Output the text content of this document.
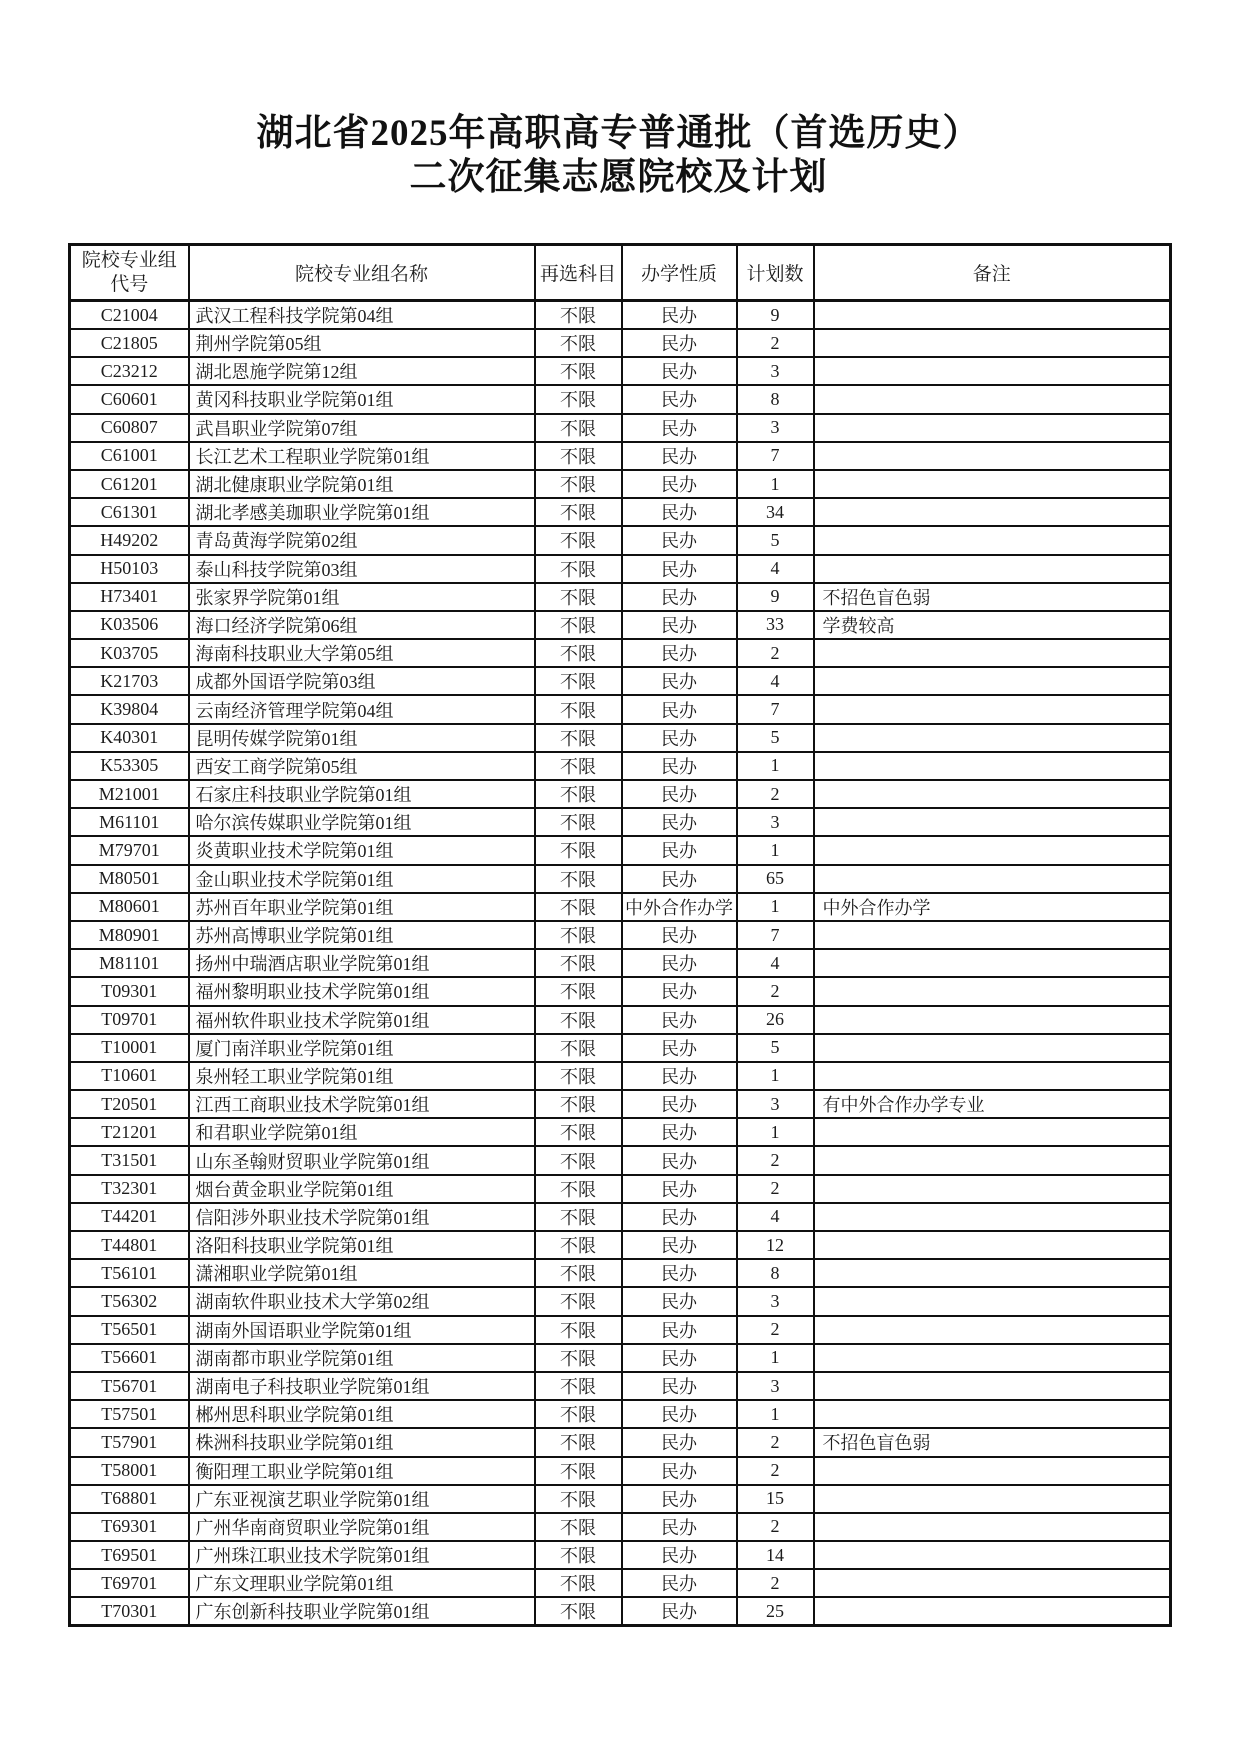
湖北省2025年高职高专普通批（首选历史）
二次征集志愿院校及计划
院校专业组
代号	院校专业组名称	再选科目	办学性质	计划数	备注
C21004	武汉工程科技学院第04组	不限	民办	9	
C21805	荆州学院第05组	不限	民办	2	
C23212	湖北恩施学院第12组	不限	民办	3	
C60601	黄冈科技职业学院第01组	不限	民办	8	
C60807	武昌职业学院第07组	不限	民办	3	
C61001	长江艺术工程职业学院第01组	不限	民办	7	
C61201	湖北健康职业学院第01组	不限	民办	1	
C61301	湖北孝感美珈职业学院第01组	不限	民办	34	
H49202	青岛黄海学院第02组	不限	民办	5	
H50103	泰山科技学院第03组	不限	民办	4	
H73401	张家界学院第01组	不限	民办	9	不招色盲色弱
K03506	海口经济学院第06组	不限	民办	33	学费较高
K03705	海南科技职业大学第05组	不限	民办	2	
K21703	成都外国语学院第03组	不限	民办	4	
K39804	云南经济管理学院第04组	不限	民办	7	
K40301	昆明传媒学院第01组	不限	民办	5	
K53305	西安工商学院第05组	不限	民办	1	
M21001	石家庄科技职业学院第01组	不限	民办	2	
M61101	哈尔滨传媒职业学院第01组	不限	民办	3	
M79701	炎黄职业技术学院第01组	不限	民办	1	
M80501	金山职业技术学院第01组	不限	民办	65	
M80601	苏州百年职业学院第01组	不限	中外合作办学	1	中外合作办学
M80901	苏州高博职业学院第01组	不限	民办	7	
M81101	扬州中瑞酒店职业学院第01组	不限	民办	4	
T09301	福州黎明职业技术学院第01组	不限	民办	2	
T09701	福州软件职业技术学院第01组	不限	民办	26	
T10001	厦门南洋职业学院第01组	不限	民办	5	
T10601	泉州轻工职业学院第01组	不限	民办	1	
T20501	江西工商职业技术学院第01组	不限	民办	3	有中外合作办学专业
T21201	和君职业学院第01组	不限	民办	1	
T31501	山东圣翰财贸职业学院第01组	不限	民办	2	
T32301	烟台黄金职业学院第01组	不限	民办	2	
T44201	信阳涉外职业技术学院第01组	不限	民办	4	
T44801	洛阳科技职业学院第01组	不限	民办	12	
T56101	潇湘职业学院第01组	不限	民办	8	
T56302	湖南软件职业技术大学第02组	不限	民办	3	
T56501	湖南外国语职业学院第01组	不限	民办	2	
T56601	湖南都市职业学院第01组	不限	民办	1	
T56701	湖南电子科技职业学院第01组	不限	民办	3	
T57501	郴州思科职业学院第01组	不限	民办	1	
T57901	株洲科技职业学院第01组	不限	民办	2	不招色盲色弱
T58001	衡阳理工职业学院第01组	不限	民办	2	
T68801	广东亚视演艺职业学院第01组	不限	民办	15	
T69301	广州华南商贸职业学院第01组	不限	民办	2	
T69501	广州珠江职业技术学院第01组	不限	民办	14	
T69701	广东文理职业学院第01组	不限	民办	2	
T70301	广东创新科技职业学院第01组	不限	民办	25	
